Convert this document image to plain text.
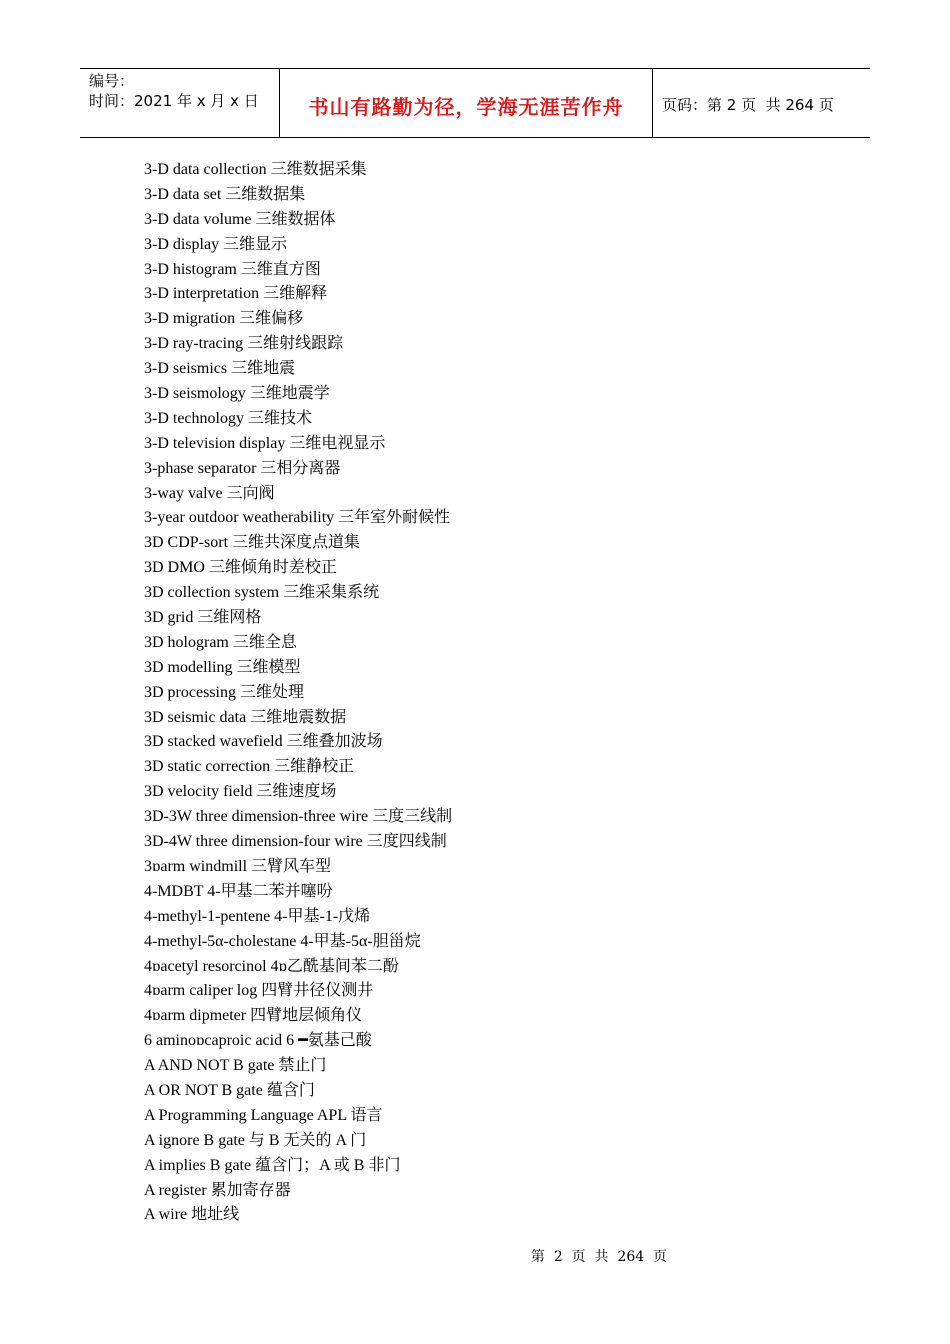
编号：
时间：2021 年 x 月 x 日	书山有路勤为径，学海无涯苦作舟	页码：第 2 页  共 264 页
3-D data collection 三维数据采集
3-D data set 三维数据集
3-D data volume 三维数据体
3-D display 三维显示
3-D histogram 三维直方图
3-D interpretation 三维解释
3-D migration 三维偏移
3-D ray-tracing 三维射线跟踪
3-D seismics 三维地震
3-D seismology 三维地震学
3-D technology 三维技术
3-D television display 三维电视显示
3-phase separator 三相分离器
3-way valve 三向阀
3-year outdoor weatherability 三年室外耐候性
3D CDP-sort 三维共深度点道集
3D DMO 三维倾角时差校正
3D collection system 三维采集系统
3D grid 三维网格
3D hologram 三维全息
3D modelling 三维模型
3D processing 三维处理
3D seismic data 三维地震数据
3D stacked wavefield 三维叠加波场
3D static correction 三维静校正
3D velocity field 三维速度场
3D-3W three dimension-three wire 三度三线制
3D-4W three dimension-four wire 三度四线制
3ɒarm windmill 三臂风车型
4-MDBT 4-甲基二苯并噻吩
4-methyl-1-pentene 4-甲基-1-戊烯
4-methyl-5α-cholestane 4-甲基-5α-胆甾烷
4ɒacetyl resorcinol 4ɒ乙酰基间苯二酚
4ɒarm caliper log 四臂井径仪测井
4ɒarm dipmeter 四臂地层倾角仪
6 aminoɒcaproic acid 6 ━氨基己酸
A AND NOT B gate 禁止门
A OR NOT B gate 蕴含门
A Programming Language APL 语言
A ignore B gate 与 B 无关的 A 门
A implies B gate 蕴含门；A 或 B 非门
A register 累加寄存器
A wire 地址线
第  2  页  共  264  页
